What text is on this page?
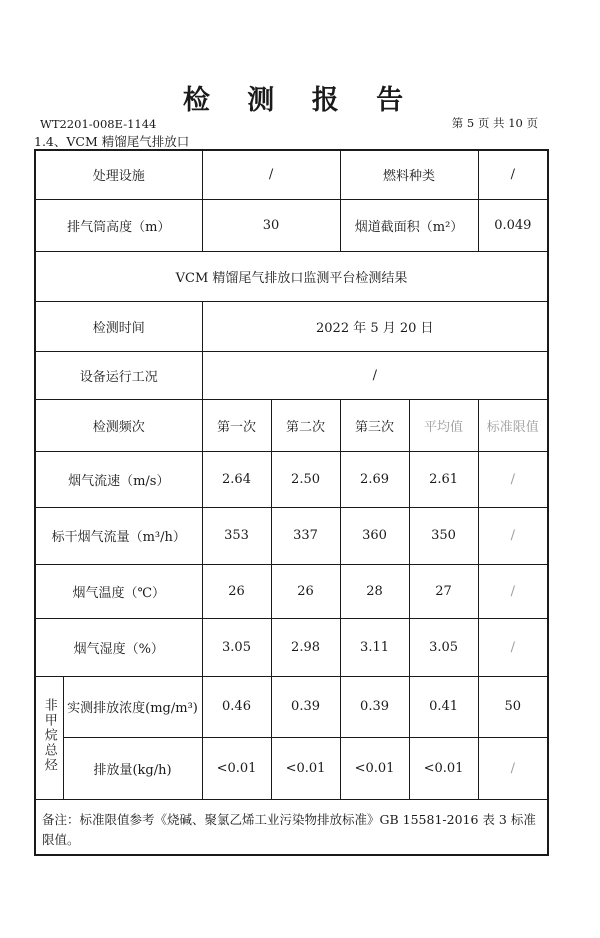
检 测 报 告
WT2201-008E-1144	第 5 页 共 10 页
1.4、VCM 精馏尾气排放口
处理设施		/		燃料种类		/
排气筒高度（m）		30		烟道截面积（m²）		0.049
VCM 精馏尾气排放口监测平台检测结果						
检测时间		2022 年 5 月 20 日				
设备运行工况		/				
检测频次		第一次	第二次	第三次	平均值	标准限值
烟气流速（m/s）		2.64	2.50	2.69	2.61	/
标干烟气流量（m³/h）		353	337	360	350	/
烟气温度（℃）		26	26	28	27	/
烟气湿度（%）		3.05	2.98	3.11	3.05	/
非甲烷总烃	实测排放浓度(mg/m³)	0.46	0.39	0.39	0.41	50
	排放量(kg/h)	<0.01	<0.01	<0.01	<0.01	/
备注：标准限值参考《烧碱、聚氯乙烯工业污染物排放标准》GB 15581-2016 表 3 标准限值。						
